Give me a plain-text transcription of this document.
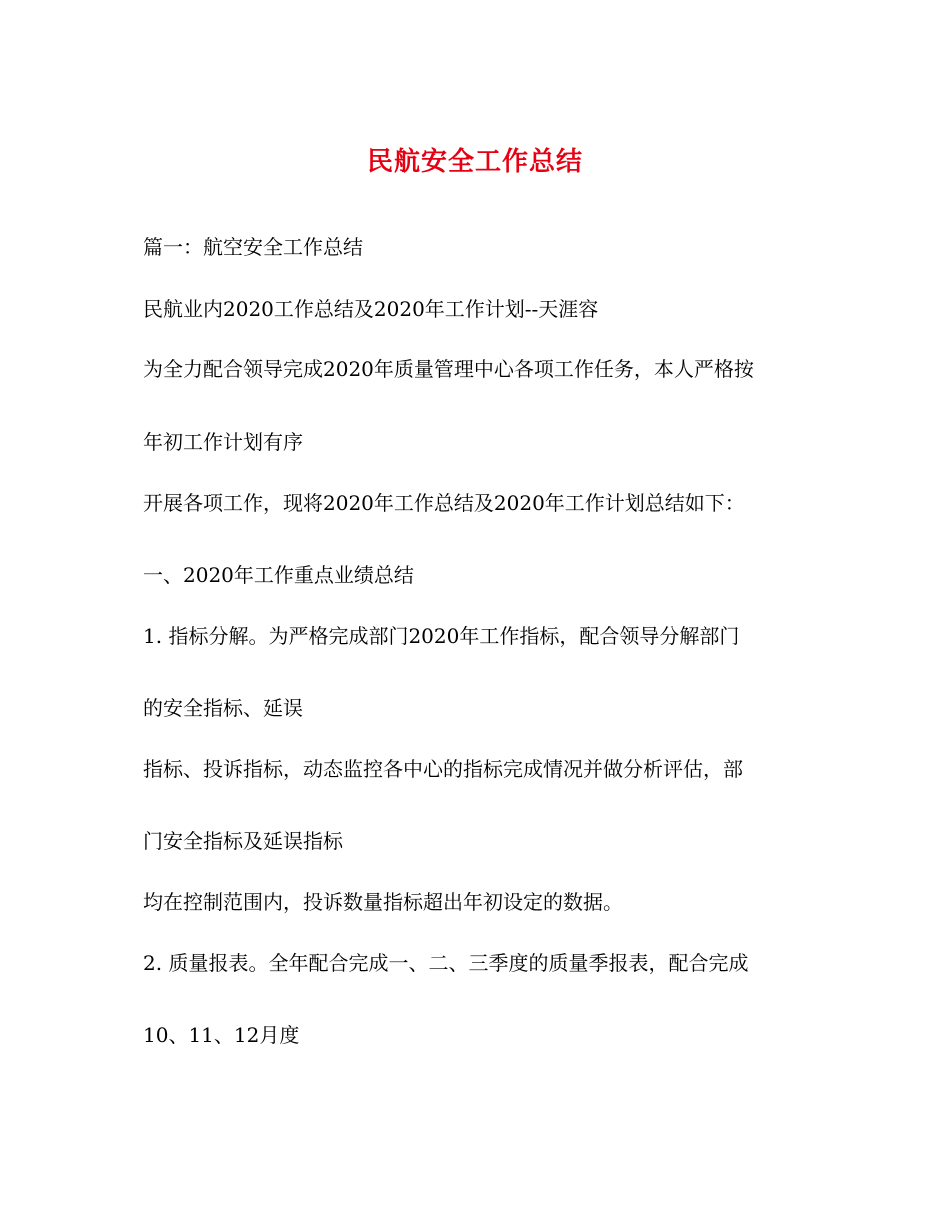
民航安全工作总结
篇一：航空安全工作总结
民航业内2020工作总结及2020年工作计划--天涯容
为全力配合领导完成2020年质量管理中心各项工作任务，本人严格按
年初工作计划有序
开展各项工作，现将2020年工作总结及2020年工作计划总结如下：
一、2020年工作重点业绩总结
1. 指标分解。为严格完成部门2020年工作指标，配合领导分解部门
的安全指标、延误
指标、投诉指标，动态监控各中心的指标完成情况并做分析评估，部
门安全指标及延误指标
均在控制范围内，投诉数量指标超出年初设定的数据。
2. 质量报表。全年配合完成一、二、三季度的质量季报表，配合完成
10、11、12月度
